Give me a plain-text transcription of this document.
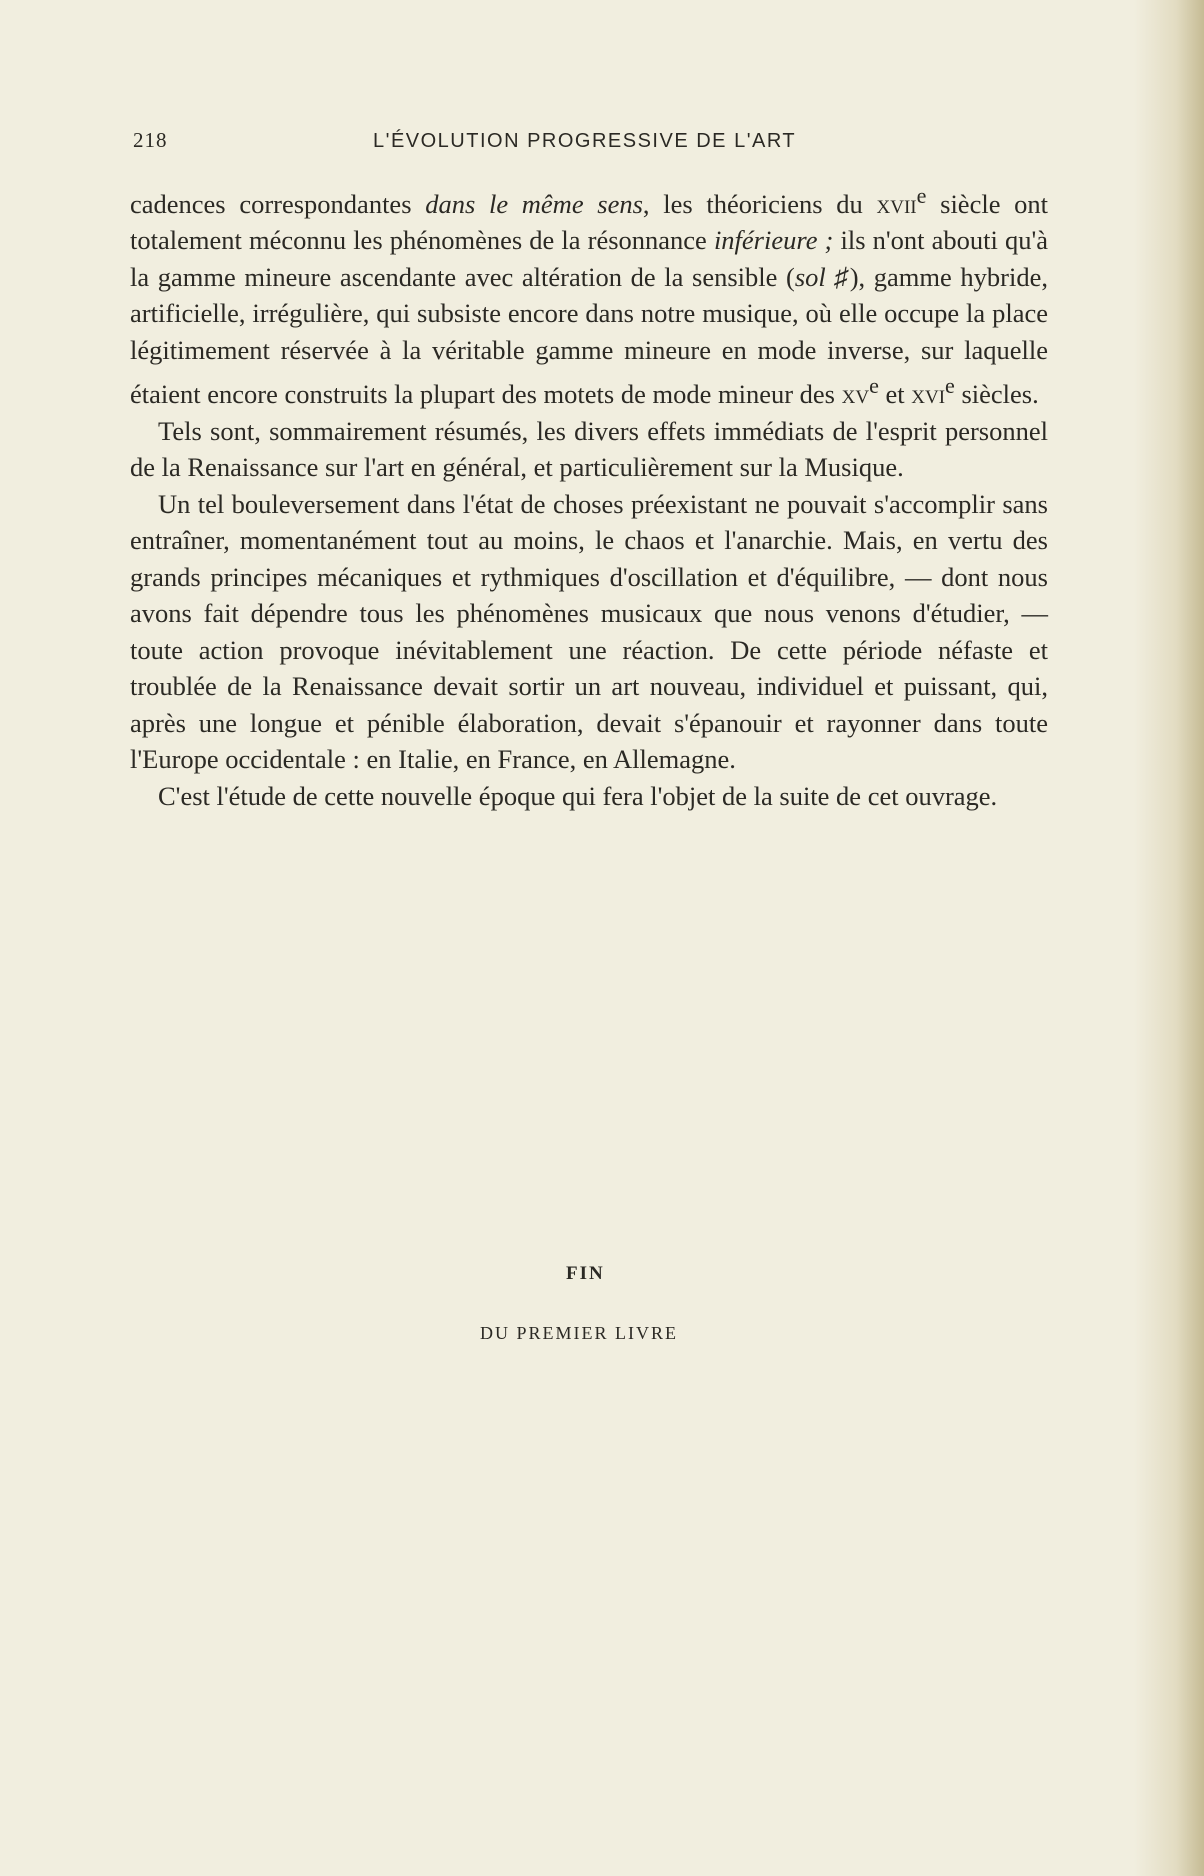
218	L'ÉVOLUTION PROGRESSIVE DE L'ART

cadences correspondantes dans le même sens, les théoriciens du xvii$^e$ siècle ont totalement méconnu les phénomènes de la résonnance inférieure ; ils n'ont abouti qu'à la gamme mineure ascendante avec altération de la sensible (sol ♯), gamme hybride, artificielle, irrégulière, qui subsiste encore dans notre musique, où elle occupe la place légitimement réservée à la véritable gamme mineure en mode inverse, sur laquelle étaient encore construits la plupart des motets de mode mineur des $xv^e$ et xvi$^e$ siècles.

Tels sont, sommairement résumés, les divers effets immédiats de l'esprit personnel de la Renaissance sur l'art en général, et particulièrement sur la Musique.

Un tel bouleversement dans l'état de choses préexistant ne pouvait s'accomplir sans entraîner, momentanément tout au moins, le chaos et l'anarchie. Mais, en vertu des grands principes mécaniques et rythmiques d'oscillation et d'équilibre, — dont nous avons fait dépendre tous les phénomènes musicaux que nous venons d'étudier, — toute action provoque inévitablement une réaction. De cette période néfaste et troublée de la Renaissance devait sortir un art nouveau, individuel et puissant, qui, après une longue et pénible élaboration, devait s'épanouir et rayonner dans toute l'Europe occidentale : en Italie, en France, en Allemagne.

C'est l'étude de cette nouvelle époque qui fera l'objet de la suite de cet ouvrage.

FIN
DU PREMIER LIVRE
